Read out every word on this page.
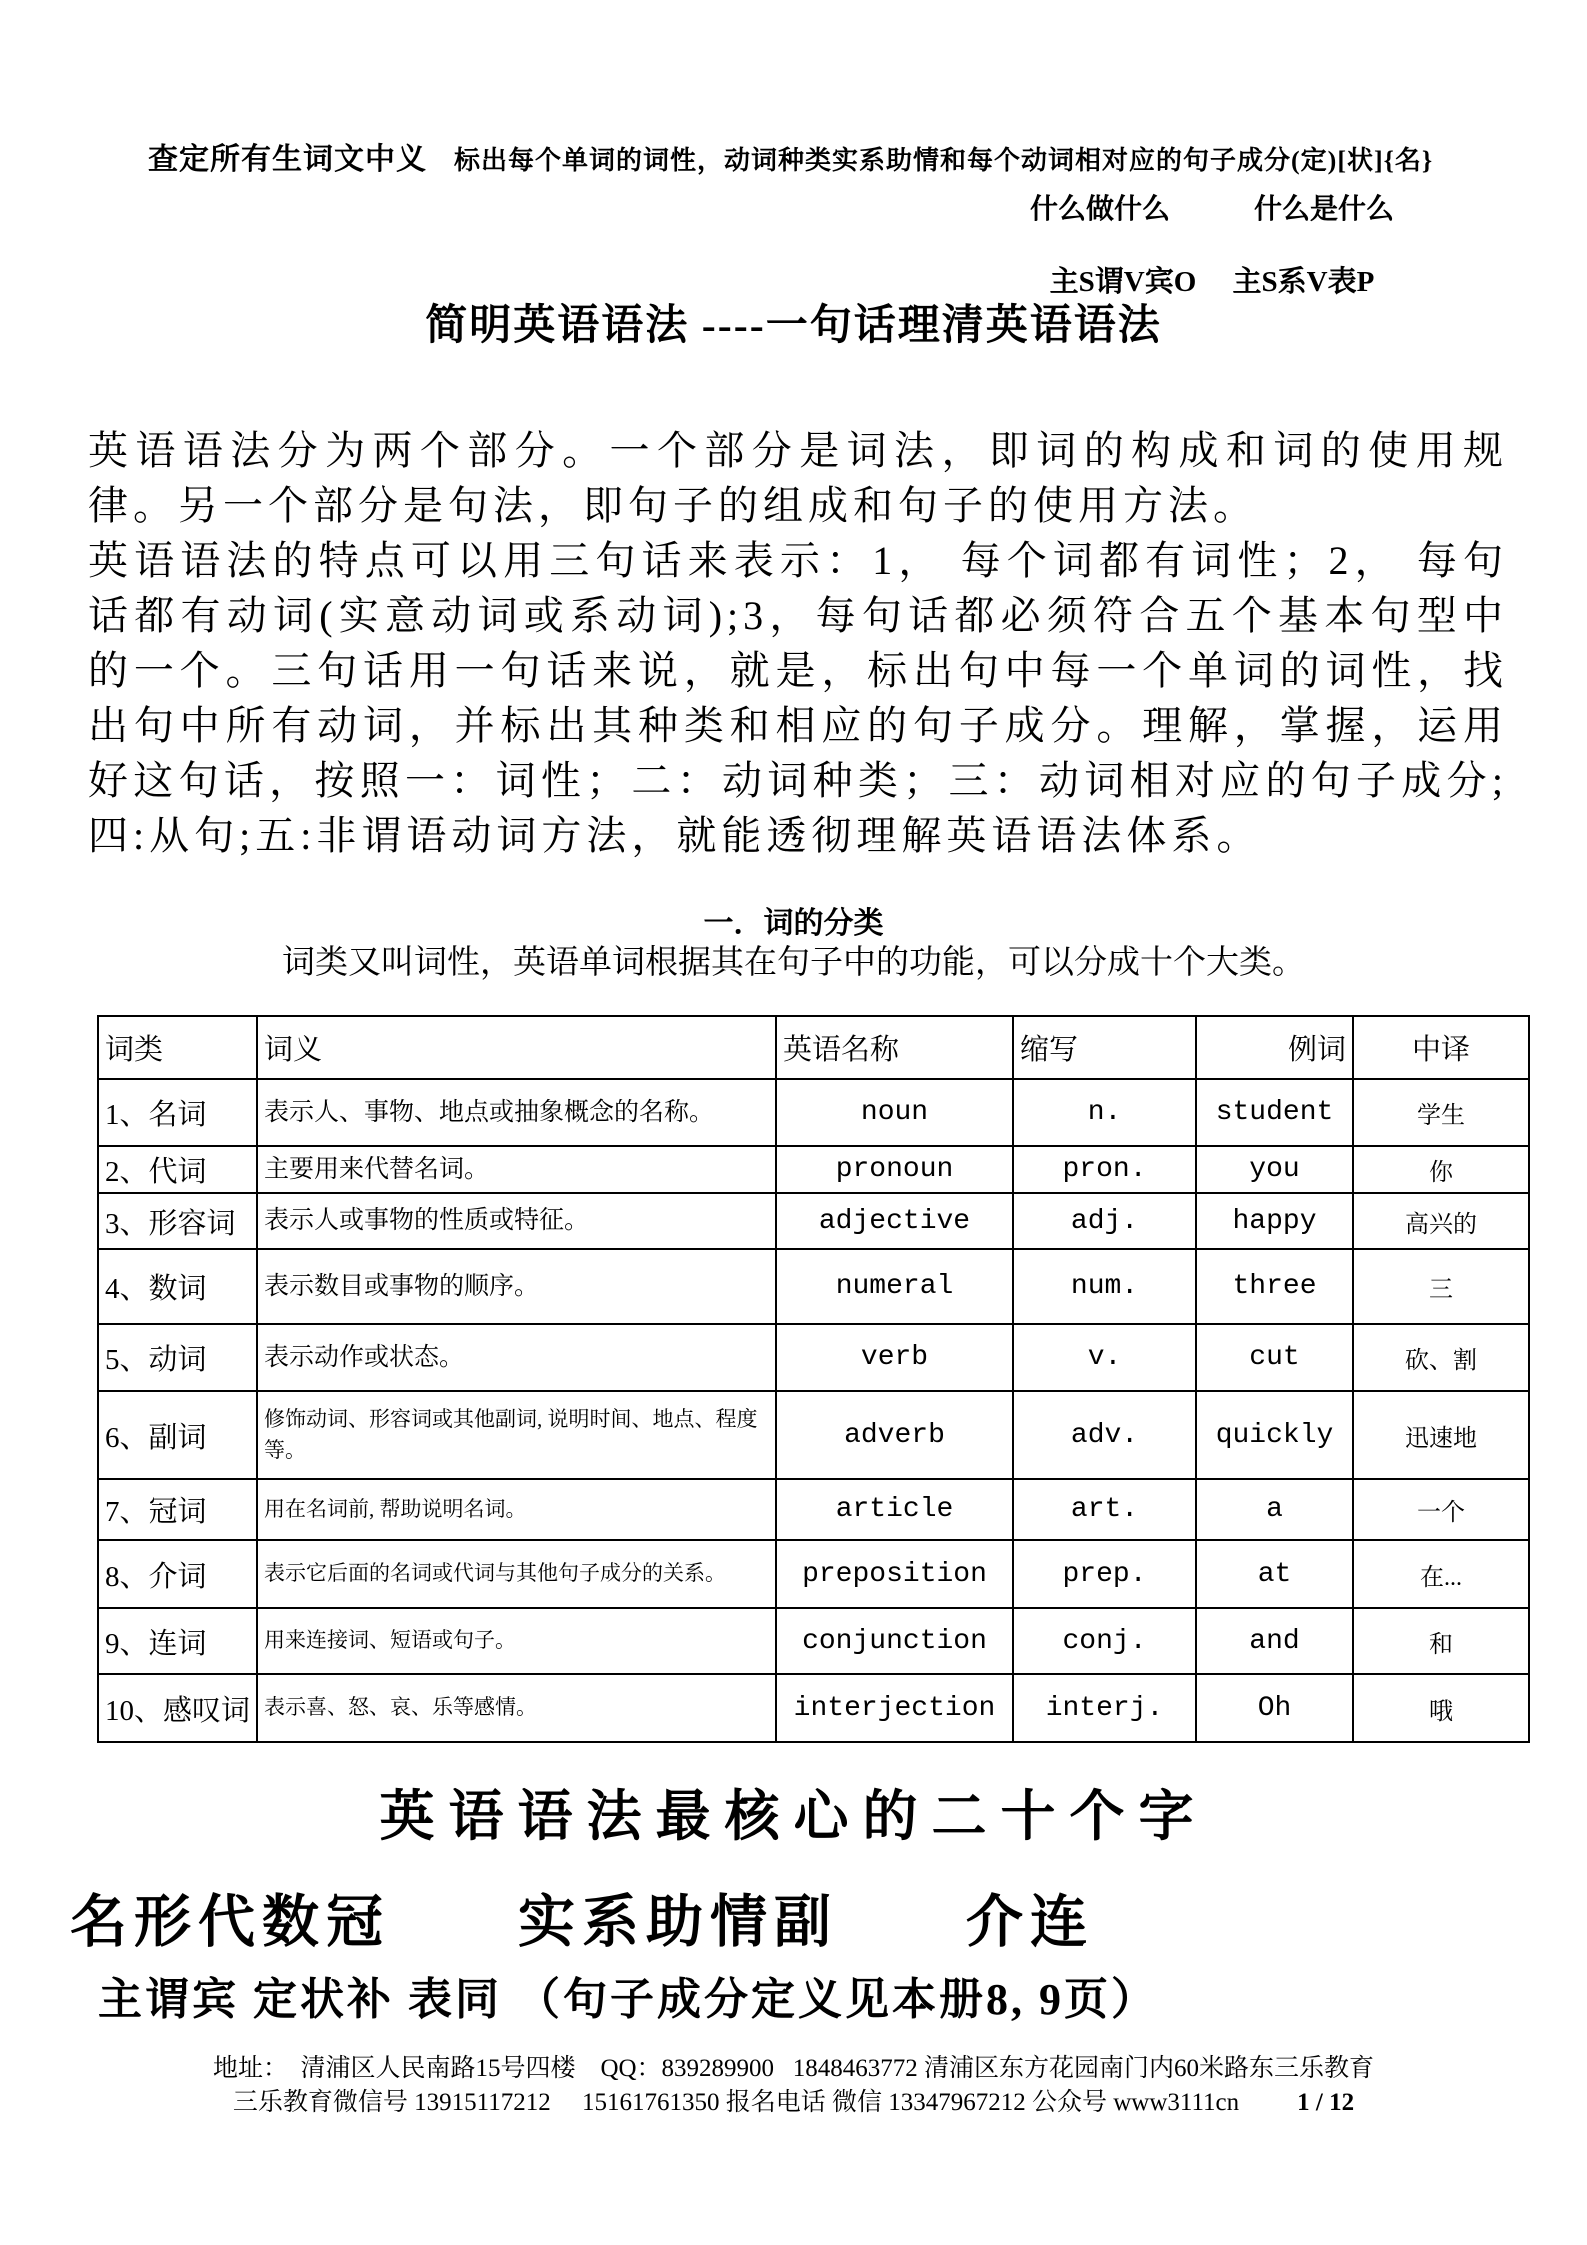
查定所有生词文中义　标出每个单词的词性，动词种类实系助情和每个动词相对应的句子成分(定)[状]{名}

什么做什么　　　什么是什么

主S谓V宾O　 主S系V表P

简明英语语法 ----一句话理清英语语法

英语语法分为两个部分。一个部分是词法，即词的构成和词的使用规律。另一个部分是句法，即句子的组成和句子的使用方法。

英语语法的特点可以用三句话来表示：1， 每个词都有词性；2， 每句话都有动词(实意动词或系动词);3，每句话都必须符合五个基本句型中的一个。三句话用一句话来说，就是，标出句中每一个单词的词性，找出句中所有动词，并标出其种类和相应的句子成分。理解，掌握，运用好这句话，按照一：词性；二：动词种类；三：动词相对应的句子成分;四:从句;五:非谓语动词方法，就能透彻理解英语语法体系。

一．词的分类
词类又叫词性，英语单词根据其在句子中的功能，可以分成十个大类。
词类	词义	英语名称	缩写	例词	中译
1、名词	表示人、事物、地点或抽象概念的名称。	noun	n.	student	学生
2、代词	主要用来代替名词。	pronoun	pron.	you	你
3、形容词	表示人或事物的性质或特征。	adjective	adj.	happy	高兴的
4、数词	表示数目或事物的顺序。	numeral	num.	three	三
5、动词	表示动作或状态。	verb	v.	cut	砍、割
6、副词	修饰动词、形容词或其他副词, 说明时间、地点、程度等。	adverb	adv.	quickly	迅速地
7、冠词	用在名词前, 帮助说明名词。	article	art.	a	一个
8、介词	表示它后面的名词或代词与其他句子成分的关系。	preposition	prep.	at	在...
9、连词	用来连接词、短语或句子。	conjunction	conj.	and	和
10、感叹词	表示喜、怒、哀、乐等感情。	interjection	interj.	Oh	哦
英语语法最核心的二十个字
名形代数冠　　实系助情副　　介连
主谓宾 定状补 表同 （句子成分定义见本册8, 9页）
地址：  清浦区人民南路15号四楼    QQ：839289900   1848463772 清浦区东方花园南门内60米路东三乐教育
三乐教育微信号 13915117212     15161761350 报名电话 微信 13347967212 公众号 www3111cn 1 / 12
